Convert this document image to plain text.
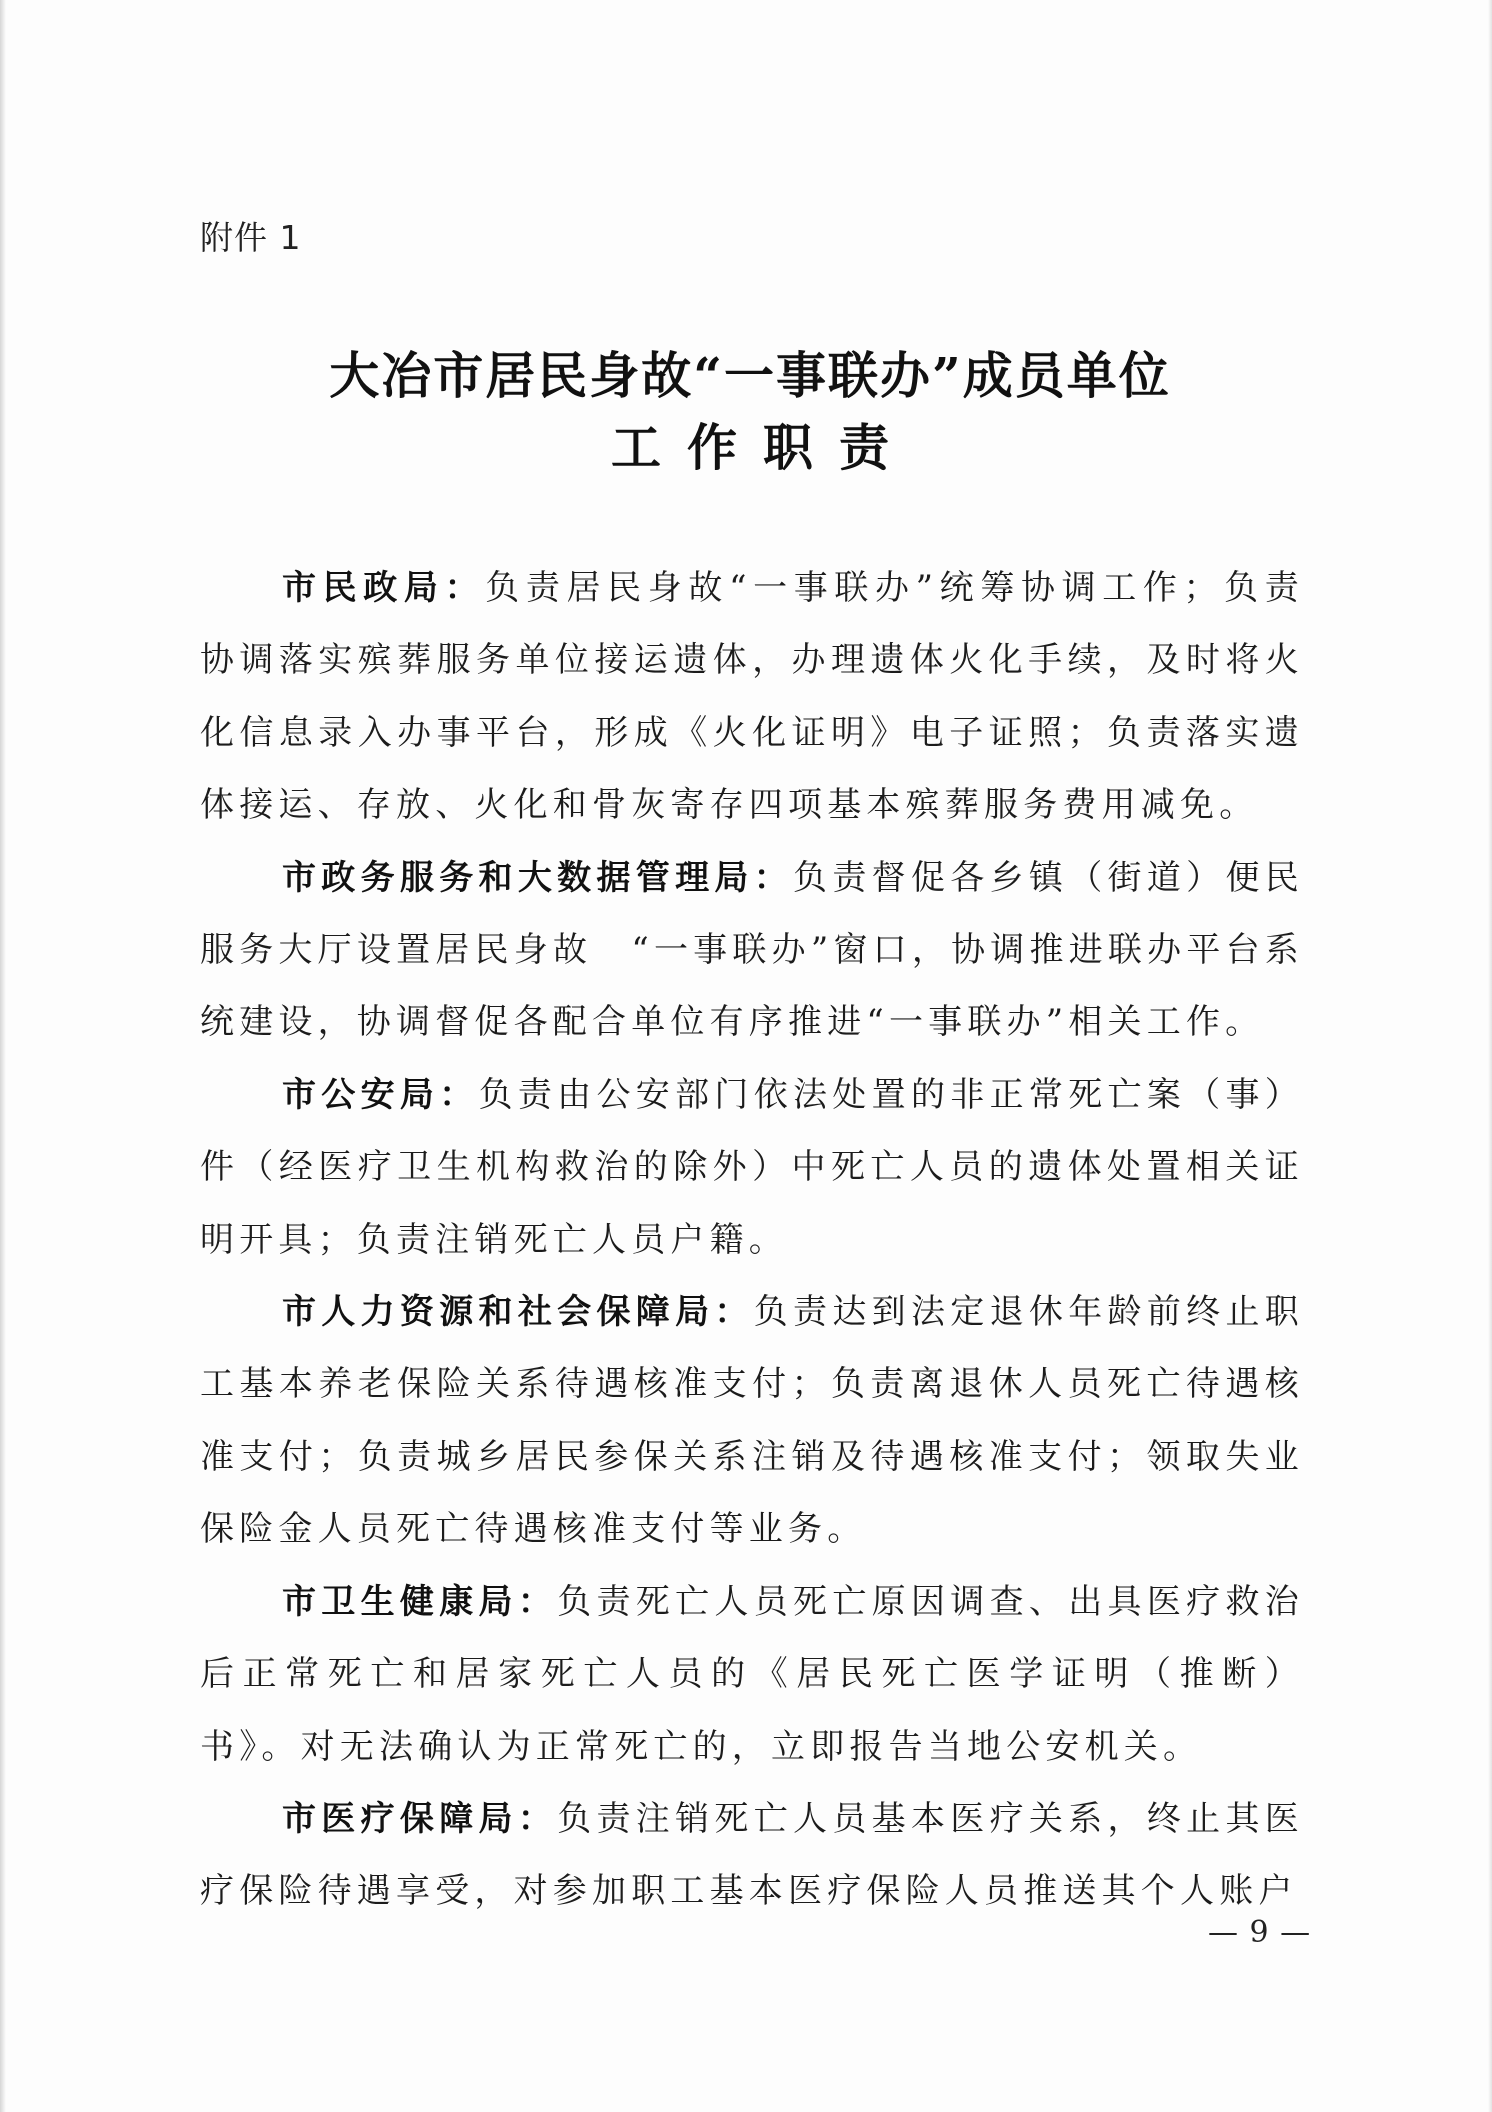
附件 1
大冶市居民身故“一事联办”成员单位
工作职责

市民政局：负责居民身故“一事联办”统筹协调工作；负责协调落实殡葬服务单位接运遗体，办理遗体火化手续，及时将火化信息录入办事平台，形成《火化证明》电子证照；负责落实遗体接运、存放、火化和骨灰寄存四项基本殡葬服务费用减免。

市政务服务和大数据管理局：负责督促各乡镇（街道）便民服务大厅设置居民身故　“一事联办”窗口，协调推进联办平台系统建设，协调督促各配合单位有序推进“一事联办”相关工作。

市公安局：负责由公安部门依法处置的非正常死亡案（事）件（经医疗卫生机构救治的除外）中死亡人员的遗体处置相关证明开具；负责注销死亡人员户籍。

市人力资源和社会保障局：负责达到法定退休年龄前终止职工基本养老保险关系待遇核准支付；负责离退休人员死亡待遇核准支付；负责城乡居民参保关系注销及待遇核准支付；领取失业保险金人员死亡待遇核准支付等业务。

市卫生健康局：负责死亡人员死亡原因调查、出具医疗救治后正常死亡和居家死亡人员的《居民死亡医学证明（推断）书》。对无法确认为正常死亡的，立即报告当地公安机关。

市医疗保障局：负责注销死亡人员基本医疗关系，终止其医疗保险待遇享受，对参加职工基本医疗保险人员推送其个人账户

— 9 —
